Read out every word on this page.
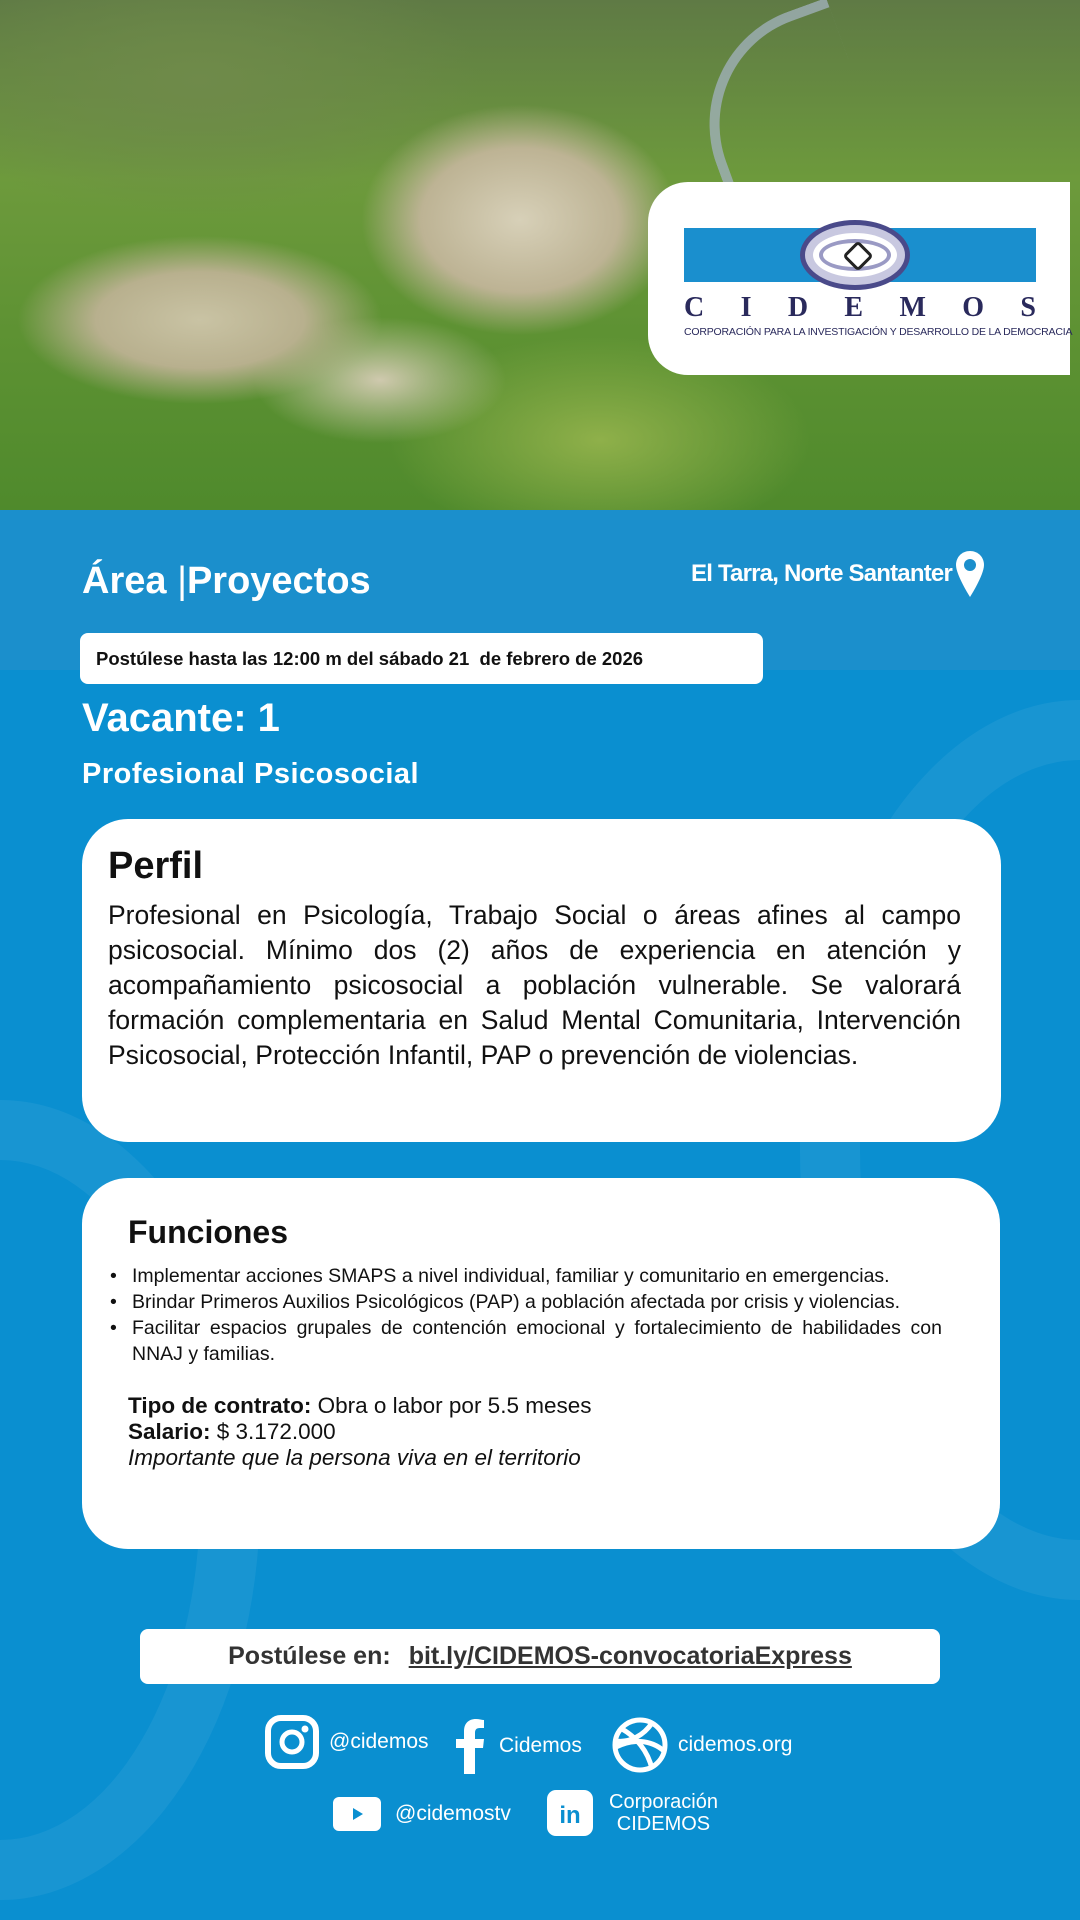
C I D E M O S
CORPORACIÓN PARA LA INVESTIGACIÓN Y DESARROLLO DE LA DEMOCRACIA
Área |Proyectos	El Tarra, Norte Santanter
Postúlese hasta las 12:00 m del sábado 21  de febrero de 2026
Vacante: 1
Profesional Psicosocial
Perfil

Profesional en Psicología, Trabajo Social o áreas afines al campo psicosocial. Mínimo dos (2) años de experiencia en atención y acompañamiento psicosocial a población vulnerable. Se valorará formación complementaria en Salud Mental Comunitaria, Intervención Psicosocial, Protección Infantil, PAP o prevención de violencias.

Funciones
• Implementar acciones SMAPS a nivel individual, familiar y comunitario en emergencias.
• Brindar Primeros Auxilios Psicológicos (PAP) a población afectada por crisis y violencias.
• Facilitar espacios grupales de contención emocional y fortalecimiento de habilidades con NNAJ y familias.
Tipo de contrato: Obra o labor por 5.5 meses
Salario: $ 3.172.000
Importante que la persona viva en el territorio
Postúlese en: bit.ly/CIDEMOS-convocatoriaExpress
@cidemos	Cidemos	cidemos.org
@cidemostv in Corporación
CIDEMOS
